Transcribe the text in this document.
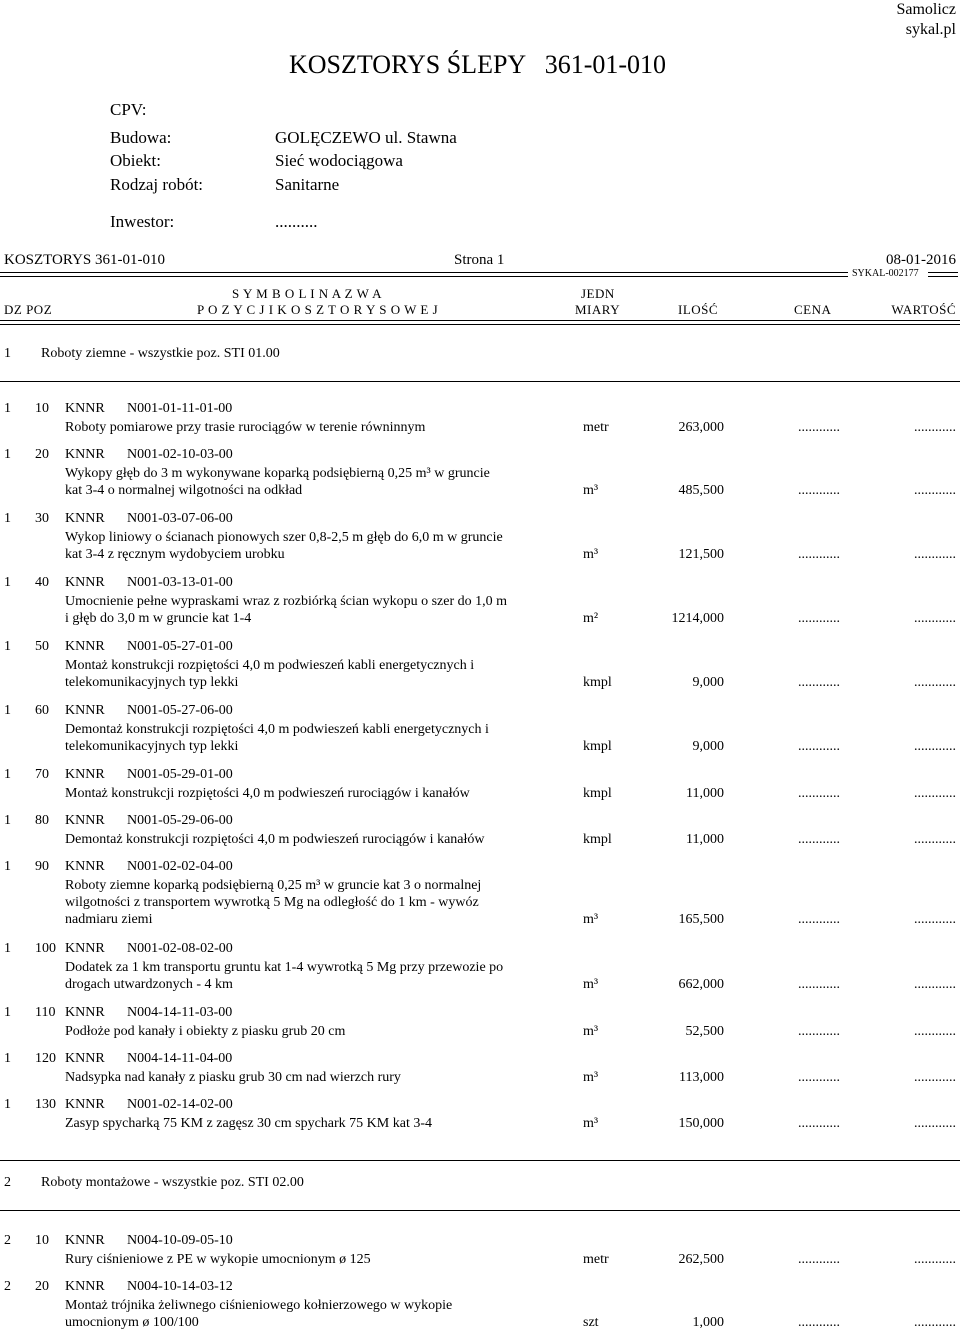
Samolicz
sykal.pl
KOSZTORYS ŚLEPY   361-01-010
CPV:
Budowa:	GOLĘCZEWO ul. Stawna
Obiekt:	Sieć wodociągowa
Rodzaj robót:	Sanitarne
Inwestor:	..........
KOSZTORYS 361-01-010	Strona 1	08-01-2016
SYKAL-002177
DZ POZ
S Y M B O L I N A Z W A
P O Z Y C J I K O S Z T O R Y S O W E J
JEDN
MIARY	ILOŚĆ	CENA	WARTOŚĆ
1 Roboty ziemne - wszystkie poz. STI 01.00
1 10 KNNR N001-01-11-01-00
Roboty pomiarowe przy trasie rurociągów w terenie równinnym	metr	263,000	............	............
1 20 KNNR N001-02-10-03-00
Wykopy głęb do 3 m wykonywane koparką podsiębierną 0,25 m³ w gruncie
kat 3-4 o normalnej wilgotności na odkład	m³	485,500	............	............
1 30 KNNR N001-03-07-06-00
Wykop liniowy o ścianach pionowych szer 0,8-2,5 m głęb do 6,0 m w gruncie
kat 3-4 z ręcznym wydobyciem urobku	m³	121,500	............	............
1 40 KNNR N001-03-13-01-00
Umocnienie pełne wypraskami wraz z rozbiórką ścian wykopu o szer do 1,0 m
i głęb do 3,0 m w gruncie kat 1-4	m²	1214,000	............	............
1 50 KNNR N001-05-27-01-00
Montaż konstrukcji rozpiętości 4,0 m podwieszeń kabli energetycznych i
telekomunikacyjnych typ lekki	kmpl	9,000	............	............
1 60 KNNR N001-05-27-06-00
Demontaż konstrukcji rozpiętości 4,0 m podwieszeń kabli energetycznych i
telekomunikacyjnych typ lekki	kmpl	9,000	............	............
1 70 KNNR N001-05-29-01-00
Montaż konstrukcji rozpiętości 4,0 m podwieszeń rurociągów i kanałów	kmpl	11,000	............	............
1 80 KNNR N001-05-29-06-00
Demontaż konstrukcji rozpiętości 4,0 m podwieszeń rurociągów i kanałów	kmpl	11,000	............	............
1 90 KNNR N001-02-02-04-00
Roboty ziemne koparką podsiębierną 0,25 m³ w gruncie kat 3 o normalnej
wilgotności z transportem wywrotką 5 Mg na odległość do 1 km - wywóz
nadmiaru ziemi	m³	165,500	............	............
1 100 KNNR N001-02-08-02-00
Dodatek za 1 km transportu gruntu kat 1-4 wywrotką 5 Mg przy przewozie po
drogach utwardzonych - 4 km	m³	662,000	............	............
1 110 KNNR N004-14-11-03-00
Podłoże pod kanały i obiekty z piasku grub 20 cm	m³	52,500	............	............
1 120 KNNR N004-14-11-04-00
Nadsypka nad kanały z piasku grub 30 cm nad wierzch rury	m³	113,000	............	............
1 130 KNNR N001-02-14-02-00
Zasyp spycharką 75 KM z zagęsz 30 cm spychark 75 KM kat 3-4	m³	150,000	............	............
2 10 KNNR N004-10-09-05-10
Rury ciśnieniowe z PE w wykopie umocnionym ø 125	metr	262,500	............	............
2 20 KNNR N004-10-14-03-12
Montaż trójnika żeliwnego ciśnieniowego kołnierzowego w wykopie
umocnionym ø 100/100	szt	1,000	............	............
2 Roboty montażowe - wszystkie poz. STI 02.00
